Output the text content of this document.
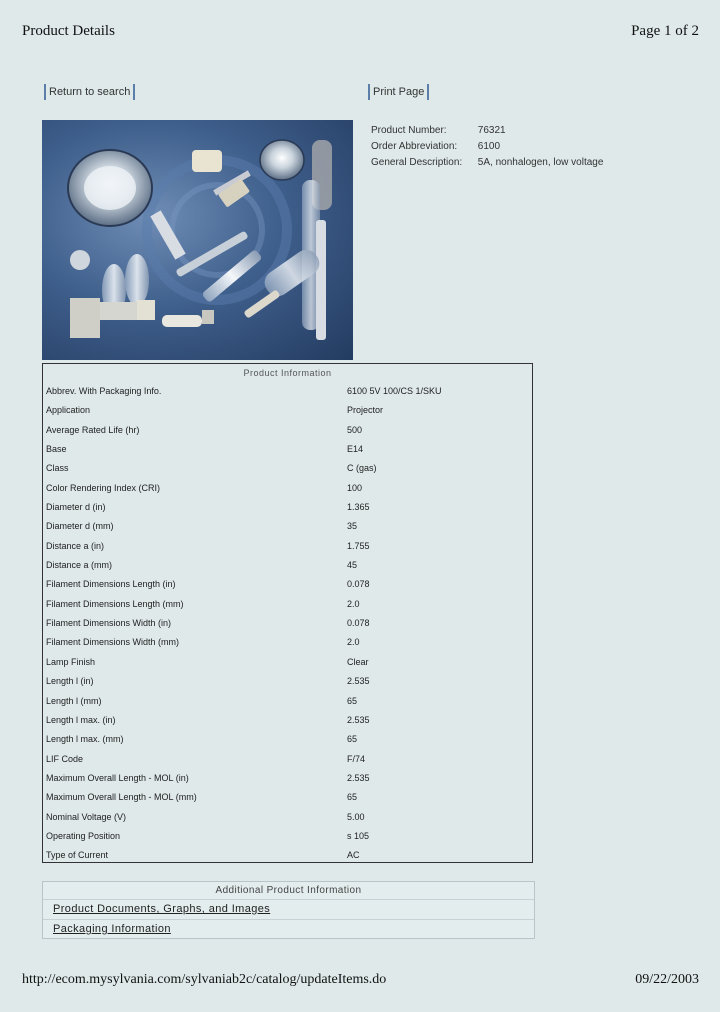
Product Details	Page 1 of 2
Return to search	Print Page
Product Number:	76321
Order Abbreviation: 6100
General Description: 5A, nonhalogen, low voltage
Product Information
Abbrev. With Packaging Info.	6100 5V 100/CS 1/SKU
Application	Projector
Average Rated Life (hr)	500
Base	E14
Class	C (gas)
Color Rendering Index (CRI)	100
Diameter d (in)	1.365
Diameter d (mm)	35
Distance a (in)	1.755
Distance a (mm)	45
Filament Dimensions Length (in)	0.078
Filament Dimensions Length (mm)	2.0
Filament Dimensions Width (in)	0.078
Filament Dimensions Width (mm)	2.0
Lamp Finish	Clear
Length l (in)	2.535
Length l (mm)	65
Length l max. (in)	2.535
Length l max. (mm)	65
LIF Code	F/74
Maximum Overall Length - MOL (in)	2.535
Maximum Overall Length - MOL (mm)	65
Nominal Voltage (V)	5.00
Operating Position	s 105
Type of Current	AC
Additional Product Information
Product Documents, Graphs, and Images
Packaging Information
http://ecom.mysylvania.com/sylvaniab2c/catalog/updateItems.do	09/22/2003
